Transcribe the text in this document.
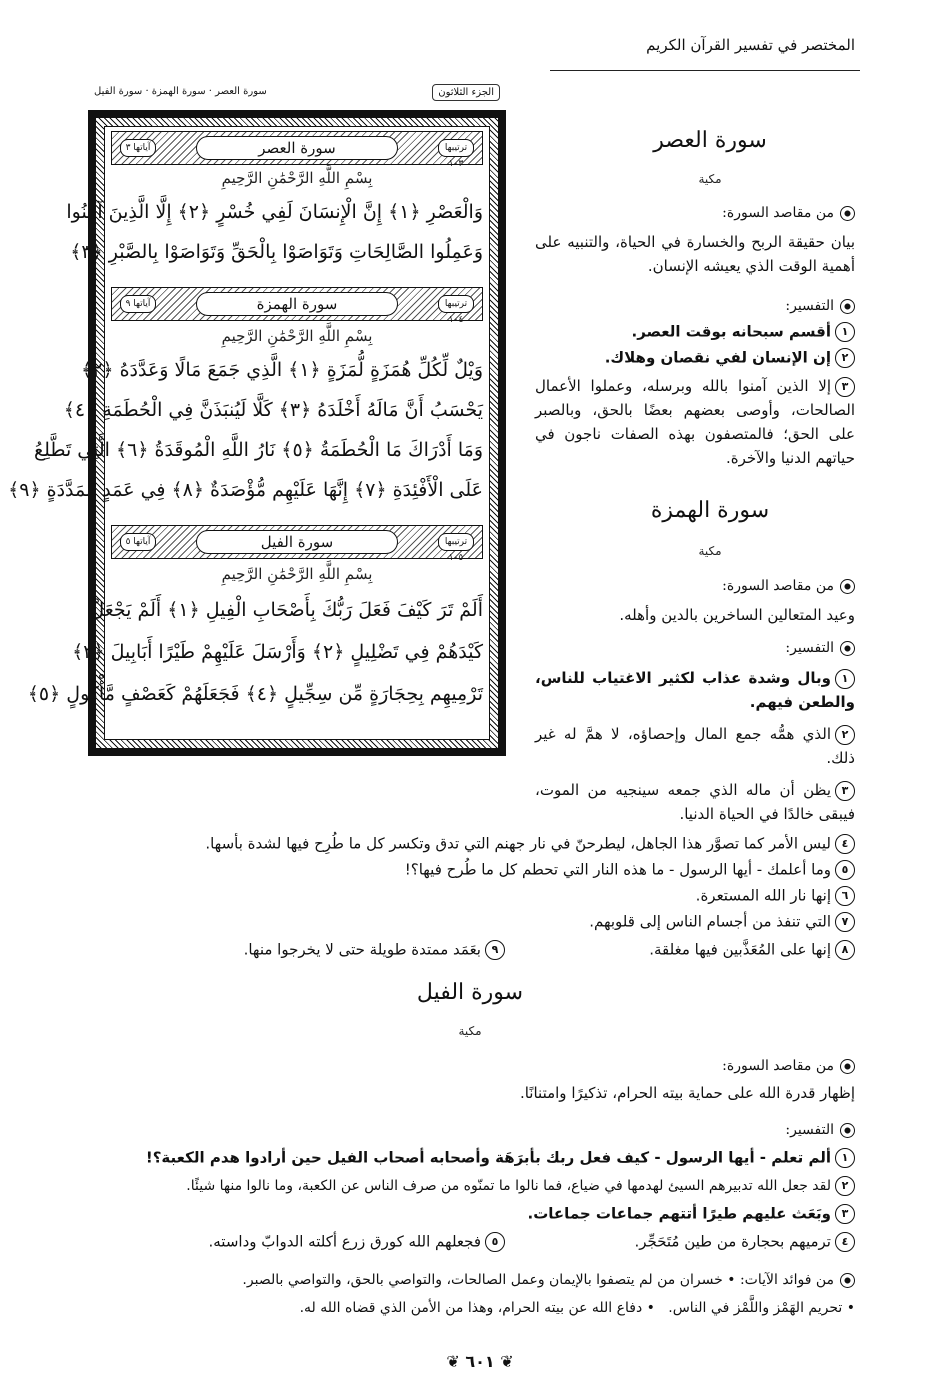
المختصر في تفسير القرآن الكريم
الجزء الثلاثون
سورة العصر · سورة الهمزة · سورة الفيل
ترتيبها ١٠٣
سورة العصر
آياتها ٣
بِسْمِ اللَّهِ الرَّحْمَٰنِ الرَّحِيمِ
وَالْعَصْرِ ﴿١﴾ إِنَّ الْإِنسَانَ لَفِي خُسْرٍ ﴿٢﴾ إِلَّا الَّذِينَ آمَنُوا
وَعَمِلُوا الصَّالِحَاتِ وَتَوَاصَوْا بِالْحَقِّ وَتَوَاصَوْا بِالصَّبْرِ ﴿٣﴾
ترتيبها ١٠٤
سورة الهمزة
آياتها ٩
بِسْمِ اللَّهِ الرَّحْمَٰنِ الرَّحِيمِ
وَيْلٌ لِّكُلِّ هُمَزَةٍ لُّمَزَةٍ ﴿١﴾ الَّذِي جَمَعَ مَالًا وَعَدَّدَهُ ﴿٢﴾
يَحْسَبُ أَنَّ مَالَهُ أَخْلَدَهُ ﴿٣﴾ كَلَّا لَيُنبَذَنَّ فِي الْحُطَمَةِ ﴿٤﴾
وَمَا أَدْرَاكَ مَا الْحُطَمَةُ ﴿٥﴾ نَارُ اللَّهِ الْمُوقَدَةُ ﴿٦﴾ الَّتِي تَطَّلِعُ
عَلَى الْأَفْئِدَةِ ﴿٧﴾ إِنَّهَا عَلَيْهِم مُّؤْصَدَةٌ ﴿٨﴾ فِي عَمَدٍ مُّمَدَّدَةٍ ﴿٩﴾
ترتيبها ١٠٥
سورة الفيل
آياتها ٥
بِسْمِ اللَّهِ الرَّحْمَٰنِ الرَّحِيمِ
أَلَمْ تَرَ كَيْفَ فَعَلَ رَبُّكَ بِأَصْحَابِ الْفِيلِ ﴿١﴾ أَلَمْ يَجْعَلْ
كَيْدَهُمْ فِي تَضْلِيلٍ ﴿٢﴾ وَأَرْسَلَ عَلَيْهِمْ طَيْرًا أَبَابِيلَ ﴿٣﴾
تَرْمِيهِم بِحِجَارَةٍ مِّن سِجِّيلٍ ﴿٤﴾ فَجَعَلَهُمْ كَعَصْفٍ مَّأْكُولٍ ﴿٥﴾
سورة العصر
مكية
من مقاصد السورة:
بيان حقيقة الربح والخسارة في الحياة، والتنبيه على أهمية الوقت الذي يعيشه الإنسان.
التفسير:
١أقسم سبحانه بوقت العصر.
٢إن الإنسان لفي نقصان وهلاك.
٣إلا الذين آمنوا بالله وبرسله، وعملوا الأعمال الصالحات، وأوصى بعضهم بعضًا بالحق، وبالصبر على الحق؛ فالمتصفون بهذه الصفات ناجون في حياتهم الدنيا والآخرة.
سورة الهمزة
مكية
من مقاصد السورة:
وعيد المتعالين الساخرين بالدين وأهله.
التفسير:
١وبال وشدة عذاب لكثير الاغتياب للناس، والطعن فيهم.
٢الذي همُّه جمع المال وإحصاؤه، لا همَّ له غير ذلك.
٣يظن أن ماله الذي جمعه سينجيه من الموت، فيبقى خالدًا في الحياة الدنيا.
٤ليس الأمر كما تصوَّر هذا الجاهل، ليطرحنّ في نار جهنم التي تدق وتكسر كل ما طُرِح فيها لشدة بأسها.
٥وما أعلمك - أيها الرسول - ما هذه النار التي تحطم كل ما طُرح فيها؟!
٦إنها نار الله المستعرة.
٧التي تنفذ من أجسام الناس إلى قلوبهم.
٨إنها على المُعَذَّبين فيها مغلقة.
٩بعَمَد ممتدة طويلة حتى لا يخرجوا منها.
سورة الفيل
مكية
من مقاصد السورة:
إظهار قدرة الله على حماية بيته الحرام، تذكيرًا وامتنانًا.
التفسير:
١ألم تعلم - أيها الرسول - كيف فعل ربك بأبرَهَة وأصحابه أصحاب الفيل حين أرادوا هدم الكعبة؟!
٢لقد جعل الله تدبيرهم السيئ لهدمها في ضياع، فما نالوا ما تمنّوه من صرف الناس عن الكعبة، وما نالوا منها شيئًا.
٣وبَعَث عليهم طيرًا أتتهم جماعات جماعات.
٤ترميهم بحجارة من طين مُتَحَجِّر.
٥فجعلهم الله كورق زرع أكلته الدوابّ وداسته.
من فوائد الآيات: • خسران من لم يتصفوا بالإيمان وعمل الصالحات، والتواصي بالحق، والتواصي بالصبر.
• تحريم الهَمْز واللَّمْز في الناس.   • دفاع الله عن بيته الحرام، وهذا من الأمن الذي قضاه الله له.
❦ ٦٠١ ❦
